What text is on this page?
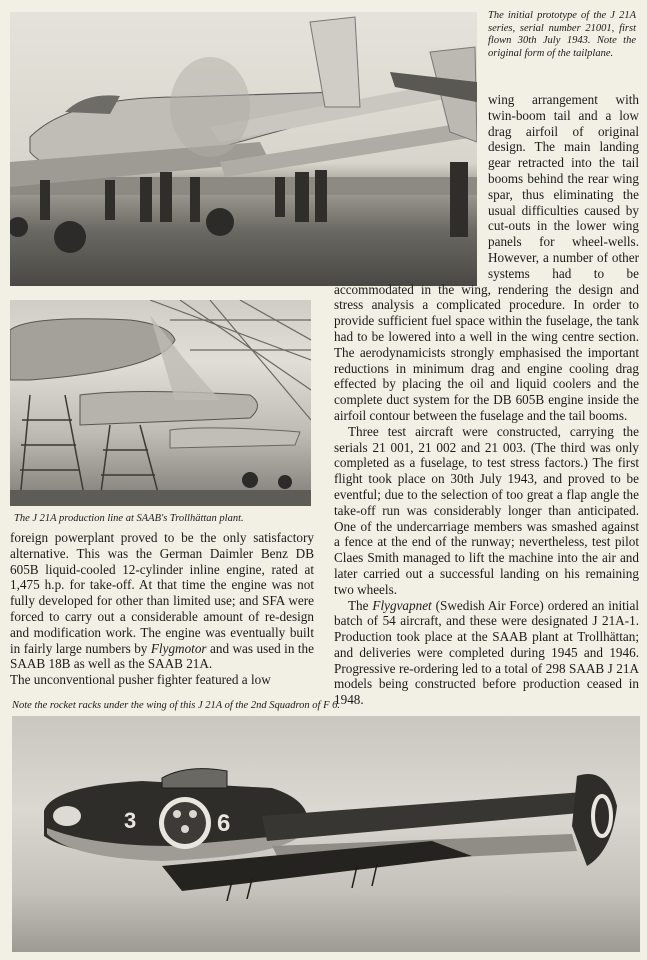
The initial prototype of the J 21A series, serial number 21001, first flown 30th July 1943. Note the original form of the tailplane.

wing arrangement with twin-boom tail and a low drag airfoil of original design. The main landing gear retracted into the tail booms behind the rear wing spar, thus eliminating the usual difficulties caused by cut-outs in the lower wing panels for wheel-wells. However, a number of other systems had to be accommodated in the wing, rendering the design and stress analysis a complicated procedure. In order to provide sufficient fuel space within the fuselage, the tank had to be lowered into a well in the wing centre section. The aerodynamicists strongly emphasised the important reductions in minimum drag and engine cooling drag effected by placing the oil and liquid coolers and the complete duct system for the DB 605B engine inside the airfoil contour between the fuselage and the tail booms.

Three test aircraft were constructed, carrying the serials 21 001, 21 002 and 21 003. (The third was only completed as a fuselage, to test stress factors.) The first flight took place on 30th July 1943, and proved to be eventful; due to the selection of too great a flap angle the take-off run was considerably longer than anticipated. One of the undercarriage members was smashed against a fence at the end of the runway; nevertheless, test pilot Claes Smith managed to lift the machine into the air and later carried out a successful landing on his remaining two wheels.

The Flygvapnet (Swedish Air Force) ordered an initial batch of 54 aircraft, and these were designated J 21A-1. Production took place at the SAAB plant at Trollhättan; and deliveries were completed during 1945 and 1946. Progressive re-ordering led to a total of 298 SAAB J 21A models being constructed before production ceased in 1948.

The J 21A production line at SAAB's Trollhättan plant.

foreign powerplant proved to be the only satisfactory alternative. This was the German Daimler Benz DB 605B liquid-cooled 12-cylinder inline engine, rated at 1,475 h.p. for take-off. At that time the engine was not fully developed for other than limited use; and SFA were forced to carry out a considerable amount of re-design and modification work. The engine was eventually built in fairly large numbers by Flygmotor and was used in the SAAB 18B as well as the SAAB 21A.

The unconventional pusher fighter featured a low

Note the rocket racks under the wing of this J 21A of the 2nd Squadron of F 6.
3	6
